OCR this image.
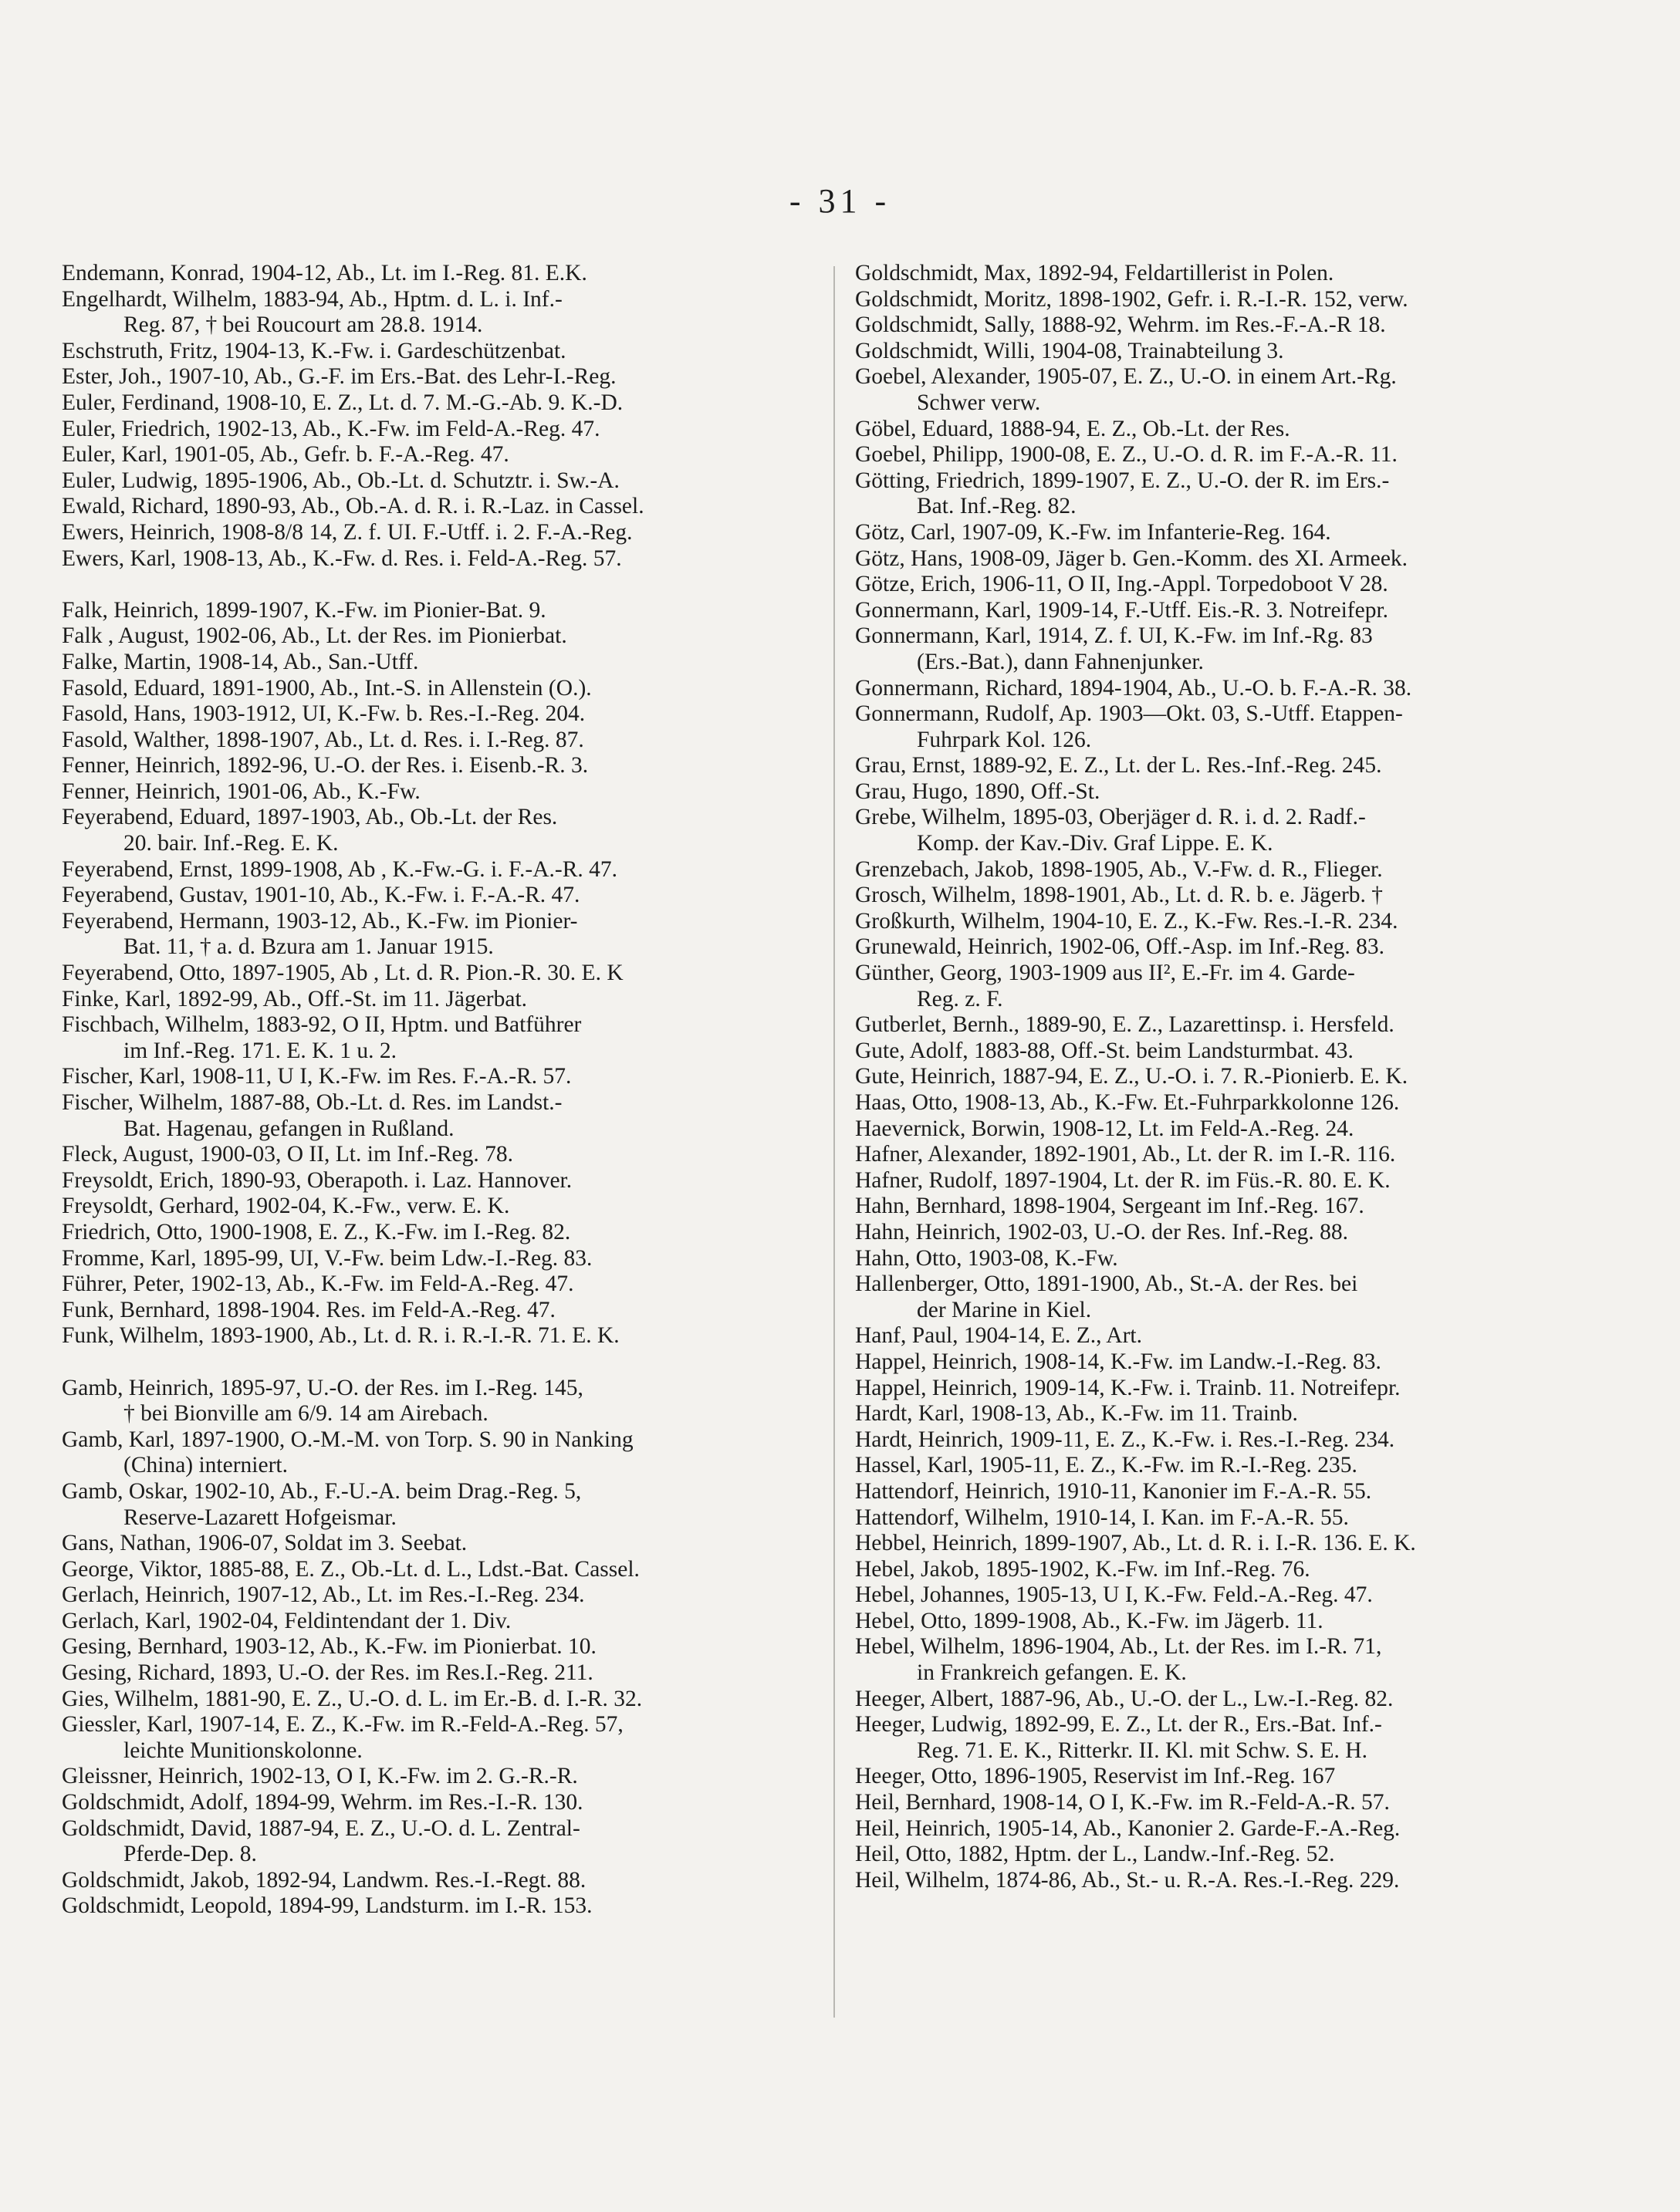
- 31 -
Endemann, Konrad, 1904-12, Ab., Lt. im I.-Reg. 81. E.K.
Engelhardt, Wilhelm, 1883-94, Ab., Hptm. d. L. i. Inf.-
Reg. 87, † bei Roucourt am 28.8. 1914.
Eschstruth, Fritz, 1904-13, K.-Fw. i. Gardeschützenbat.
Ester, Joh., 1907-10, Ab., G.-F. im Ers.-Bat. des Lehr-I.-Reg.
Euler, Ferdinand, 1908-10, E. Z., Lt. d. 7. M.-G.-Ab. 9. K.-D.
Euler, Friedrich, 1902-13, Ab., K.-Fw. im Feld-A.-Reg. 47.
Euler, Karl, 1901-05, Ab., Gefr. b. F.-A.-Reg. 47.
Euler, Ludwig, 1895-1906, Ab., Ob.-Lt. d. Schutztr. i. Sw.-A.
Ewald, Richard, 1890-93, Ab., Ob.-A. d. R. i. R.-Laz. in Cassel.
Ewers, Heinrich, 1908-8/8 14, Z. f. UI. F.-Utff. i. 2. F.-A.-Reg.
Ewers, Karl, 1908-13, Ab., K.-Fw. d. Res. i. Feld-A.-Reg. 57.
Falk, Heinrich, 1899-1907, K.-Fw. im Pionier-Bat. 9.
Falk , August, 1902-06, Ab., Lt. der Res. im Pionierbat.
Falke, Martin, 1908-14, Ab., San.-Utff.
Fasold, Eduard, 1891-1900, Ab., Int.-S. in Allenstein (O.).
Fasold, Hans, 1903-1912, UI, K.-Fw. b. Res.-I.-Reg. 204.
Fasold, Walther, 1898-1907, Ab., Lt. d. Res. i. I.-Reg. 87.
Fenner, Heinrich, 1892-96, U.-O. der Res. i. Eisenb.-R. 3.
Fenner, Heinrich, 1901-06, Ab., K.-Fw.
Feyerabend, Eduard, 1897-1903, Ab., Ob.-Lt. der Res.
20. bair. Inf.-Reg. E. K.
Feyerabend, Ernst, 1899-1908, Ab , K.-Fw.-G. i. F.-A.-R. 47.
Feyerabend, Gustav, 1901-10, Ab., K.-Fw. i. F.-A.-R. 47.
Feyerabend, Hermann, 1903-12, Ab., K.-Fw. im Pionier-
Bat. 11, † a. d. Bzura am 1. Januar 1915.
Feyerabend, Otto, 1897-1905, Ab , Lt. d. R. Pion.-R. 30. E. K
Finke, Karl, 1892-99, Ab., Off.-St. im 11. Jägerbat.
Fischbach, Wilhelm, 1883-92, O II, Hptm. und Batführer
im Inf.-Reg. 171. E. K. 1 u. 2.
Fischer, Karl, 1908-11, U I, K.-Fw. im Res. F.-A.-R. 57.
Fischer, Wilhelm, 1887-88, Ob.-Lt. d. Res. im Landst.-
Bat. Hagenau, gefangen in Rußland.
Fleck, August, 1900-03, O II, Lt. im Inf.-Reg. 78.
Freysoldt, Erich, 1890-93, Oberapoth. i. Laz. Hannover.
Freysoldt, Gerhard, 1902-04, K.-Fw., verw. E. K.
Friedrich, Otto, 1900-1908, E. Z., K.-Fw. im I.-Reg. 82.
Fromme, Karl, 1895-99, UI, V.-Fw. beim Ldw.-I.-Reg. 83.
Führer, Peter, 1902-13, Ab., K.-Fw. im Feld-A.-Reg. 47.
Funk, Bernhard, 1898-1904. Res. im Feld-A.-Reg. 47.
Funk, Wilhelm, 1893-1900, Ab., Lt. d. R. i. R.-I.-R. 71. E. K.
Gamb, Heinrich, 1895-97, U.-O. der Res. im I.-Reg. 145,
† bei Bionville am 6/9. 14 am Airebach.
Gamb, Karl, 1897-1900, O.-M.-M. von Torp. S. 90 in Nanking
(China) interniert.
Gamb, Oskar, 1902-10, Ab., F.-U.-A. beim Drag.-Reg. 5,
Reserve-Lazarett Hofgeismar.
Gans, Nathan, 1906-07, Soldat im 3. Seebat.
George, Viktor, 1885-88, E. Z., Ob.-Lt. d. L., Ldst.-Bat. Cassel.
Gerlach, Heinrich, 1907-12, Ab., Lt. im Res.-I.-Reg. 234.
Gerlach, Karl, 1902-04, Feldintendant der 1. Div.
Gesing, Bernhard, 1903-12, Ab., K.-Fw. im Pionierbat. 10.
Gesing, Richard, 1893, U.-O. der Res. im Res.I.-Reg. 211.
Gies, Wilhelm, 1881-90, E. Z., U.-O. d. L. im Er.-B. d. I.-R. 32.
Giessler, Karl, 1907-14, E. Z., K.-Fw. im R.-Feld-A.-Reg. 57,
leichte Munitionskolonne.
Gleissner, Heinrich, 1902-13, O I, K.-Fw. im 2. G.-R.-R.
Goldschmidt, Adolf, 1894-99, Wehrm. im Res.-I.-R. 130.
Goldschmidt, David, 1887-94, E. Z., U.-O. d. L. Zentral-
Pferde-Dep. 8.
Goldschmidt, Jakob, 1892-94, Landwm. Res.-I.-Regt. 88.
Goldschmidt, Leopold, 1894-99, Landsturm. im I.-R. 153.
Goldschmidt, Max, 1892-94, Feldartillerist in Polen.
Goldschmidt, Moritz, 1898-1902, Gefr. i. R.-I.-R. 152, verw.
Goldschmidt, Sally, 1888-92, Wehrm. im Res.-F.-A.-R 18.
Goldschmidt, Willi, 1904-08, Trainabteilung 3.
Goebel, Alexander, 1905-07, E. Z., U.-O. in einem Art.-Rg.
Schwer verw.
Göbel, Eduard, 1888-94, E. Z., Ob.-Lt. der Res.
Goebel, Philipp, 1900-08, E. Z., U.-O. d. R. im F.-A.-R. 11.
Götting, Friedrich, 1899-1907, E. Z., U.-O. der R. im Ers.-
Bat. Inf.-Reg. 82.
Götz, Carl, 1907-09, K.-Fw. im Infanterie-Reg. 164.
Götz, Hans, 1908-09, Jäger b. Gen.-Komm. des XI. Armeek.
Götze, Erich, 1906-11, O II, Ing.-Appl. Torpedoboot V 28.
Gonnermann, Karl, 1909-14, F.-Utff. Eis.-R. 3. Notreifepr.
Gonnermann, Karl, 1914, Z. f. UI, K.-Fw. im Inf.-Rg. 83
(Ers.-Bat.), dann Fahnenjunker.
Gonnermann, Richard, 1894-1904, Ab., U.-O. b. F.-A.-R. 38.
Gonnermann, Rudolf, Ap. 1903—Okt. 03, S.-Utff. Etappen-
Fuhrpark Kol. 126.
Grau, Ernst, 1889-92, E. Z., Lt. der L. Res.-Inf.-Reg. 245.
Grau, Hugo, 1890, Off.-St.
Grebe, Wilhelm, 1895-03, Oberjäger d. R. i. d. 2. Radf.-
Komp. der Kav.-Div. Graf Lippe. E. K.
Grenzebach, Jakob, 1898-1905, Ab., V.-Fw. d. R., Flieger.
Grosch, Wilhelm, 1898-1901, Ab., Lt. d. R. b. e. Jägerb. †
Großkurth, Wilhelm, 1904-10, E. Z., K.-Fw. Res.-I.-R. 234.
Grunewald, Heinrich, 1902-06, Off.-Asp. im Inf.-Reg. 83.
Günther, Georg, 1903-1909 aus II², E.-Fr. im 4. Garde-
Reg. z. F.
Gutberlet, Bernh., 1889-90, E. Z., Lazarettinsp. i. Hersfeld.
Gute, Adolf, 1883-88, Off.-St. beim Landsturmbat. 43.
Gute, Heinrich, 1887-94, E. Z., U.-O. i. 7. R.-Pionierb. E. K.
Haas, Otto, 1908-13, Ab., K.-Fw. Et.-Fuhrparkkolonne 126.
Haevernick, Borwin, 1908-12, Lt. im Feld-A.-Reg. 24.
Hafner, Alexander, 1892-1901, Ab., Lt. der R. im I.-R. 116.
Hafner, Rudolf, 1897-1904, Lt. der R. im Füs.-R. 80. E. K.
Hahn, Bernhard, 1898-1904, Sergeant im Inf.-Reg. 167.
Hahn, Heinrich, 1902-03, U.-O. der Res. Inf.-Reg. 88.
Hahn, Otto, 1903-08, K.-Fw.
Hallenberger, Otto, 1891-1900, Ab., St.-A. der Res. bei
der Marine in Kiel.
Hanf, Paul, 1904-14, E. Z., Art.
Happel, Heinrich, 1908-14, K.-Fw. im Landw.-I.-Reg. 83.
Happel, Heinrich, 1909-14, K.-Fw. i. Trainb. 11. Notreifepr.
Hardt, Karl, 1908-13, Ab., K.-Fw. im 11. Trainb.
Hardt, Heinrich, 1909-11, E. Z., K.-Fw. i. Res.-I.-Reg. 234.
Hassel, Karl, 1905-11, E. Z., K.-Fw. im R.-I.-Reg. 235.
Hattendorf, Heinrich, 1910-11, Kanonier im F.-A.-R. 55.
Hattendorf, Wilhelm, 1910-14, I. Kan. im F.-A.-R. 55.
Hebbel, Heinrich, 1899-1907, Ab., Lt. d. R. i. I.-R. 136. E. K.
Hebel, Jakob, 1895-1902, K.-Fw. im Inf.-Reg. 76.
Hebel, Johannes, 1905-13, U I, K.-Fw. Feld.-A.-Reg. 47.
Hebel, Otto, 1899-1908, Ab., K.-Fw. im Jägerb. 11.
Hebel, Wilhelm, 1896-1904, Ab., Lt. der Res. im I.-R. 71,
in Frankreich gefangen. E. K.
Heeger, Albert, 1887-96, Ab., U.-O. der L., Lw.-I.-Reg. 82.
Heeger, Ludwig, 1892-99, E. Z., Lt. der R., Ers.-Bat. Inf.-
Reg. 71. E. K., Ritterkr. II. Kl. mit Schw. S. E. H.
Heeger, Otto, 1896-1905, Reservist im Inf.-Reg. 167
Heil, Bernhard, 1908-14, O I, K.-Fw. im R.-Feld-A.-R. 57.
Heil, Heinrich, 1905-14, Ab., Kanonier 2. Garde-F.-A.-Reg.
Heil, Otto, 1882, Hptm. der L., Landw.-Inf.-Reg. 52.
Heil, Wilhelm, 1874-86, Ab., St.- u. R.-A. Res.-I.-Reg. 229.
